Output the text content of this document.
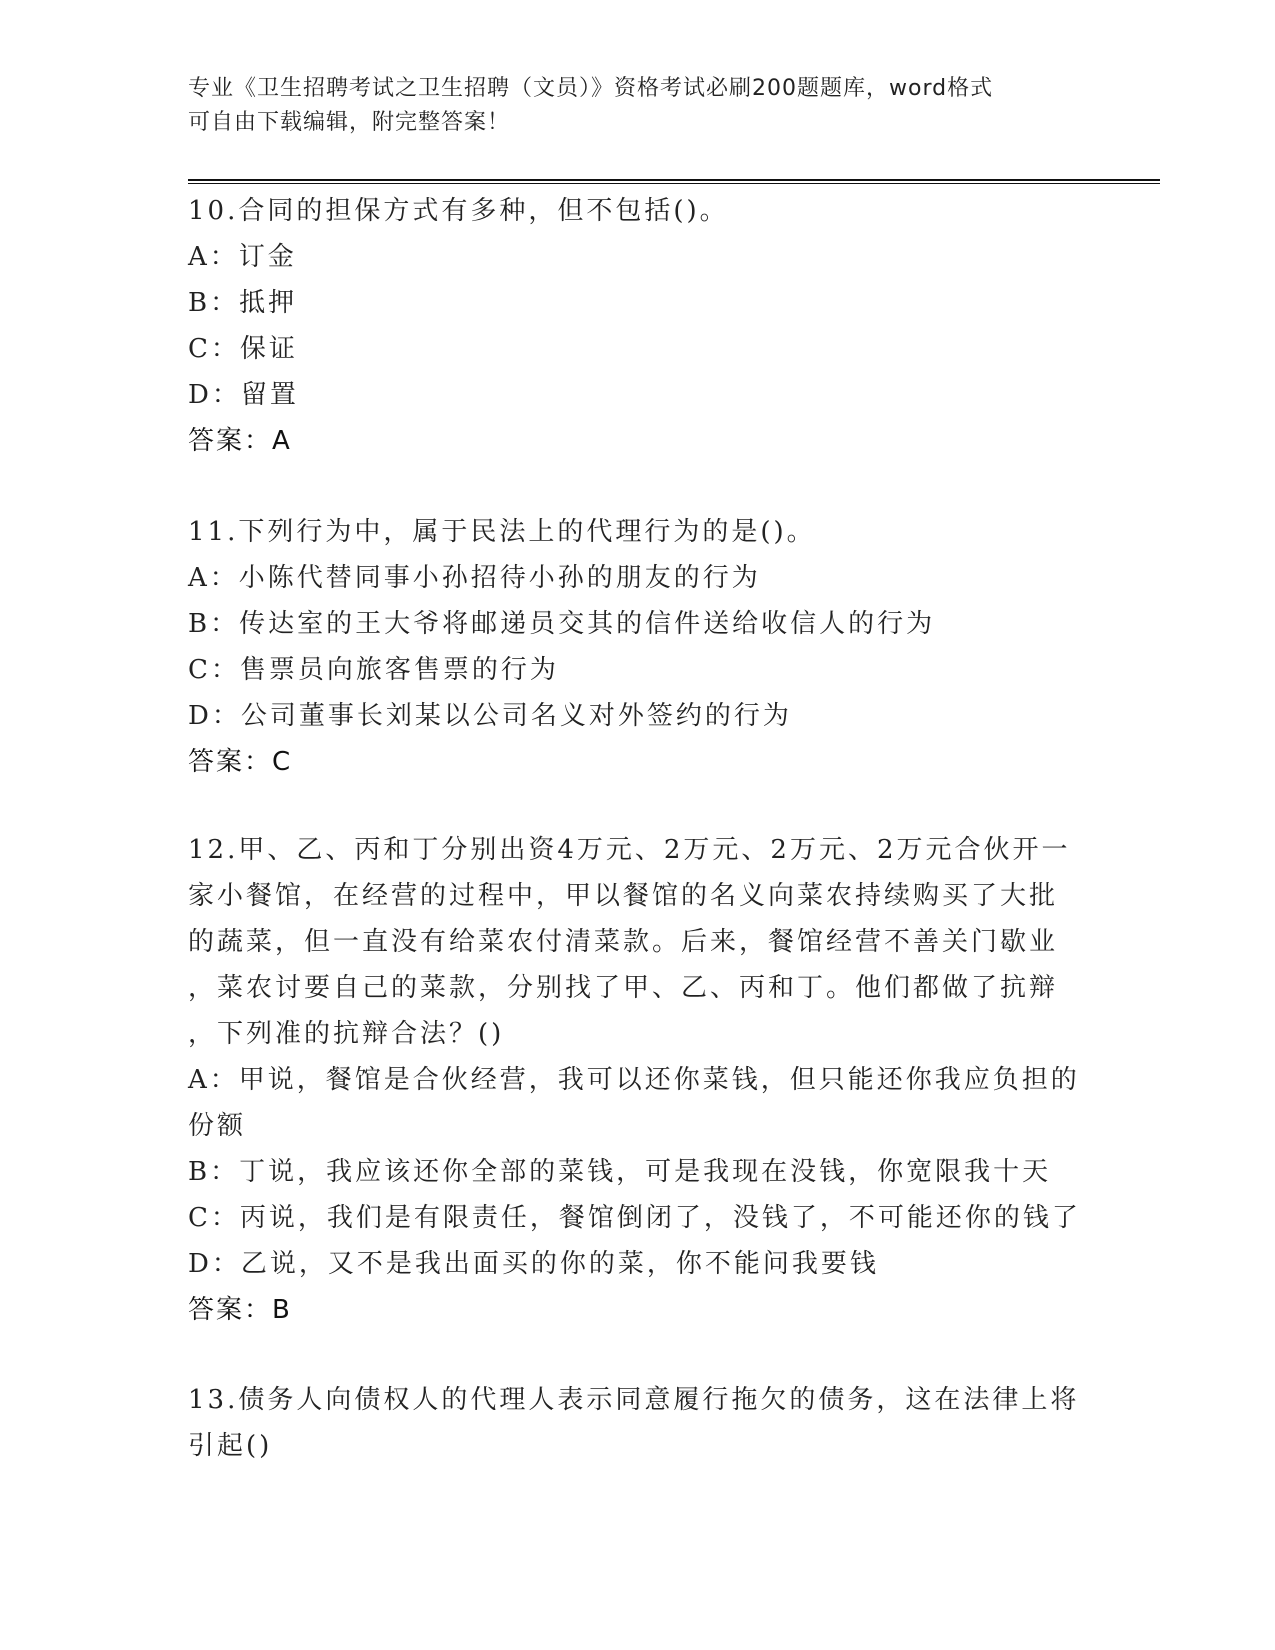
专业《卫生招聘考试之卫生招聘（文员）》资格考试必刷200题题库，word格式
可自由下载编辑，附完整答案！
10.合同的担保方式有多种，但不包括()。
A：订金
B：抵押
C：保证
D：留置
答案：A
11.下列行为中，属于民法上的代理行为的是()。
A：小陈代替同事小孙招待小孙的朋友的行为
B：传达室的王大爷将邮递员交其的信件送给收信人的行为
C：售票员向旅客售票的行为
D：公司董事长刘某以公司名义对外签约的行为
答案：C
12.甲、乙、丙和丁分别出资4万元、2万元、2万元、2万元合伙开一
家小餐馆，在经营的过程中，甲以餐馆的名义向菜农持续购买了大批
的蔬菜，但一直没有给菜农付清菜款。后来，餐馆经营不善关门歇业
，菜农讨要自己的菜款，分别找了甲、乙、丙和丁。他们都做了抗辩
，下列准的抗辩合法？()
A：甲说，餐馆是合伙经营，我可以还你菜钱，但只能还你我应负担的
份额
B：丁说，我应该还你全部的菜钱，可是我现在没钱，你宽限我十天
C：丙说，我们是有限责任，餐馆倒闭了，没钱了，不可能还你的钱了
D：乙说，又不是我出面买的你的菜，你不能问我要钱
答案：B
13.债务人向债权人的代理人表示同意履行拖欠的债务，这在法律上将
引起()
